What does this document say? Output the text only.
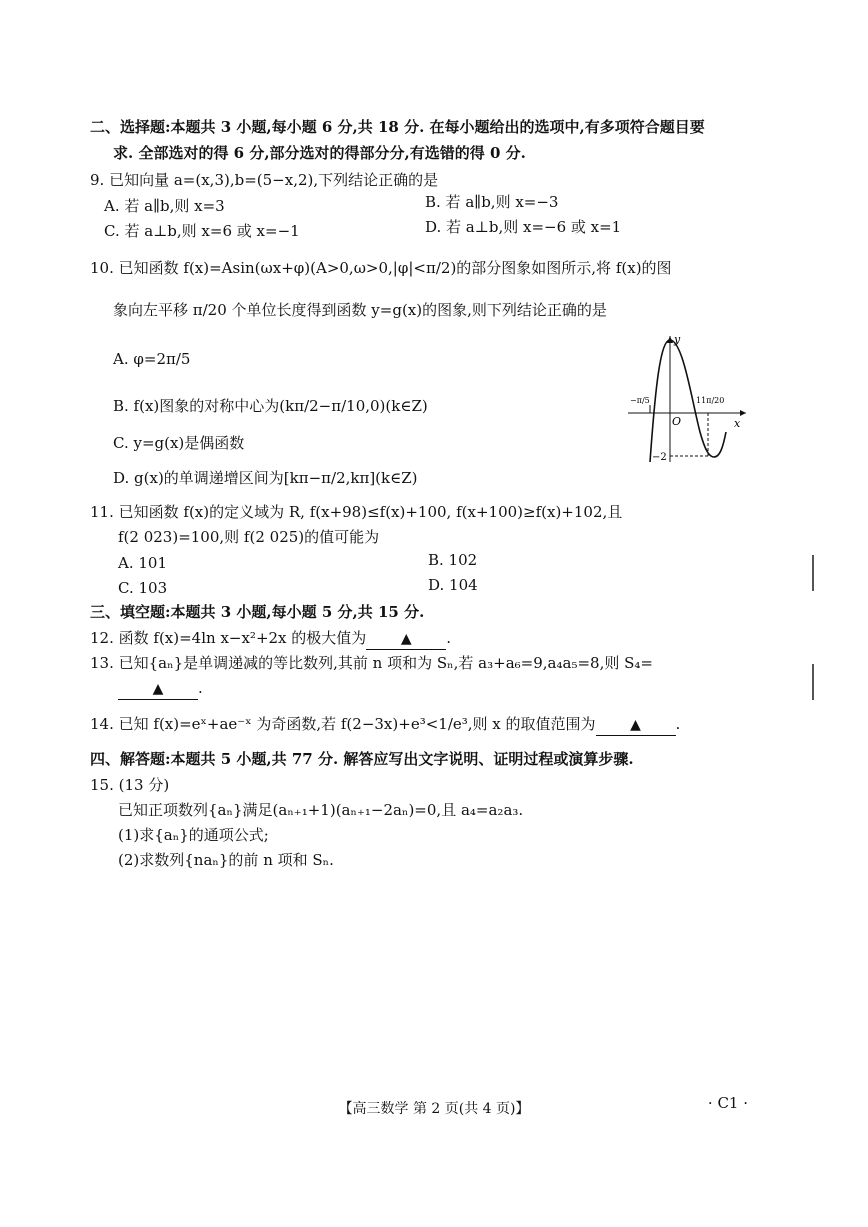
二、选择题:本题共 3 小题,每小题 6 分,共 18 分. 在每小题给出的选项中,有多项符合题目要
求. 全部选对的得 6 分,部分选对的得部分分,有选错的得 0 分.
9. 已知向量 a=(x,3),b=(5−x,2),下列结论正确的是
A. 若 a∥b,则 x=3	B. 若 a∥b,则 x=−3
C. 若 a⊥b,则 x=6 或 x=−1	D. 若 a⊥b,则 x=−6 或 x=1
10. 已知函数 f(x)=Asin(ωx+φ)(A>0,ω>0,|φ|<π/2)的部分图象如图所示,将 f(x)的图
象向左平移 π/20 个单位长度得到函数 y=g(x)的图象,则下列结论正确的是
A. φ=2π/5
B. f(x)图象的对称中心为(kπ/2−π/10,0)(k∈Z)
C. y=g(x)是偶函数
D. g(x)的单调递增区间为[kπ−π/2,kπ](k∈Z)
y
x
O
−π/5	11π/20
−2
11. 已知函数 f(x)的定义域为 R, f(x+98)≤f(x)+100, f(x+100)≥f(x)+102,且
f(2 023)=100,则 f(2 025)的值可能为
A. 101	B. 102
C. 103	D. 104
三、填空题:本题共 3 小题,每小题 5 分,共 15 分.
12. 函数 f(x)=4ln x−x²+2x 的极大值为 ▲ .
13. 已知{aₙ}是单调递减的等比数列,其前 n 项和为 Sₙ,若 a₃+a₆=9,a₄a₅=8,则 S₄=
▲ .
14. 已知 f(x)=eˣ+ae⁻ˣ 为奇函数,若 f(2−3x)+e³<1/e³,则 x 的取值范围为 ▲ .
四、解答题:本题共 5 小题,共 77 分. 解答应写出文字说明、证明过程或演算步骤.
15. (13 分)
已知正项数列{aₙ}满足(aₙ₊₁+1)(aₙ₊₁−2aₙ)=0,且 a₄=a₂a₃.
(1)求{aₙ}的通项公式;
(2)求数列{naₙ}的前 n 项和 Sₙ.
【高三数学 第 2 页(共 4 页)】	· C1 ·
